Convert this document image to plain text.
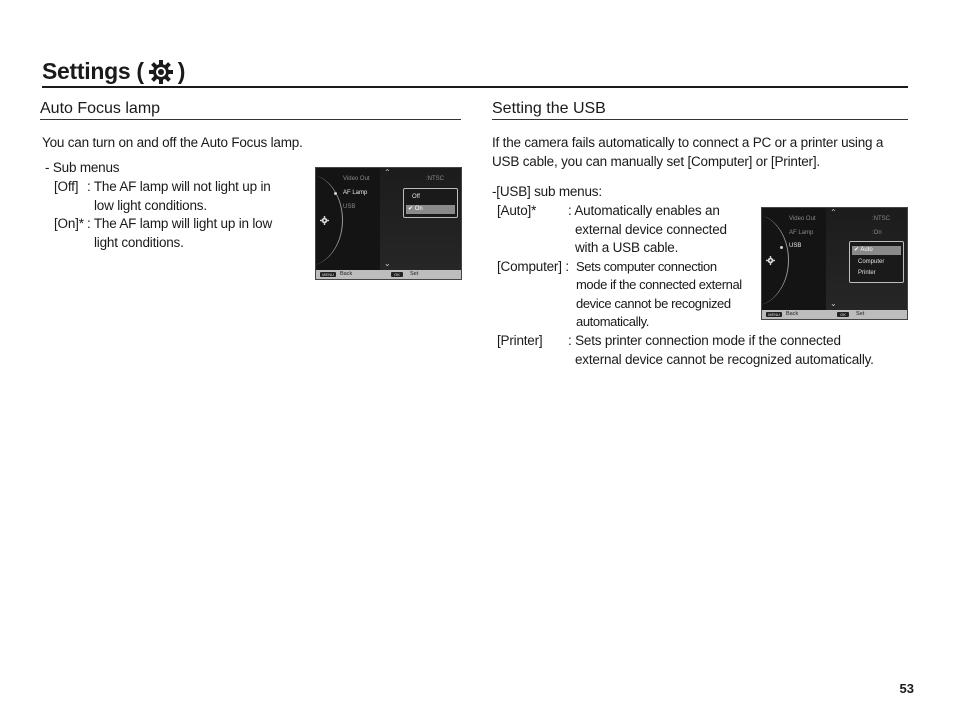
Settings ( )
Auto Focus lamp
You can turn on and off the Auto Focus lamp.
- Sub menus
[Off] : The AF lamp will not light up in
low light conditions.
[On]* : The AF lamp will light up in low
light conditions.
⌃
Video Out	:NTSC
AF Lamp
USB
Off
✔ On
⌄
MENU	Back	OK	Set
Setting the USB
If the camera fails automatically to connect a PC or a printer using a
USB cable, you can manually set [Computer] or [Printer].
-[USB] sub menus:
[Auto]* : Automatically enables an
external device connected
with a USB cable.
[Computer] : Sets computer connection
mode if the connected external
device cannot be recognized
automatically.
[Printer] : Sets printer connection mode if the connected
external device cannot be recognized automatically.
⌃
Video Out	:NTSC
AF Lamp	:On
USB
✔ Auto
Computer
Printer
⌄
MENU	Back	OK	Set
53
